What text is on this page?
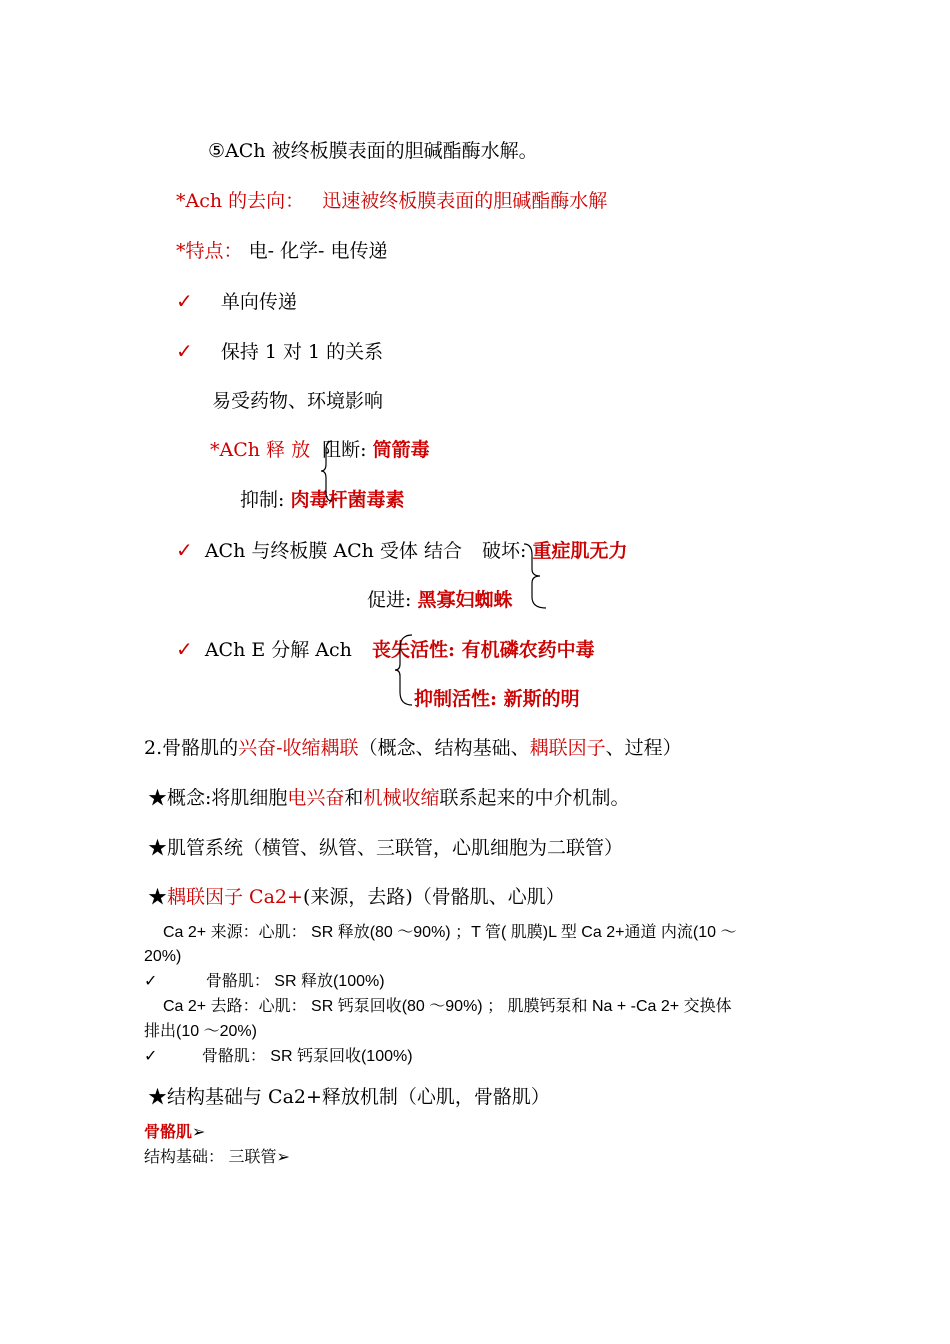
⑤ACh 被终板膜表面的胆碱酯酶水解。
*Ach 的去向： 迅速被终板膜表面的胆碱酯酶水解
*特点： 电- 化学- 电传递
✓ 单向传递
✓ 保持 1 对 1 的关系
易受药物、环境影响
*ACh 释 放 阻断: 筒箭毒
抑制: 肉毒杆菌毒素
✓ ACh 与终板膜 ACh 受体 结合 破坏: 重症肌无力
促进: 黑寡妇蜘蛛
✓ ACh E 分解 Ach 丧失活性: 有机磷农药中毒
抑制活性: 新斯的明
2.骨骼肌的兴奋-收缩耦联（概念、结构基础、耦联因子、过程）
★概念:将肌细胞电兴奋和机械收缩联系起来的中介机制。
★肌管系统（横管、纵管、三联管，心肌细胞为二联管）
★耦联因子 Ca2+(来源，去路)（骨骼肌、心肌）
Ca 2+ 来源：心肌： SR 释放(80 ～90%) ；T 管( 肌膜)L 型 Ca 2+通道 内流(10 ～
20%)
✓	骨骼肌： SR 释放(100%)
Ca 2+ 去路：心肌： SR 钙泵回收(80 ～90%) ； 肌膜钙泵和 Na + -Ca 2+ 交换体
排出(10 ～20%)
✓	骨骼肌： SR 钙泵回收(100%)
★结构基础与 Ca2+释放机制（心肌，骨骼肌）
骨骼肌➢
结构基础： 三联管➢
